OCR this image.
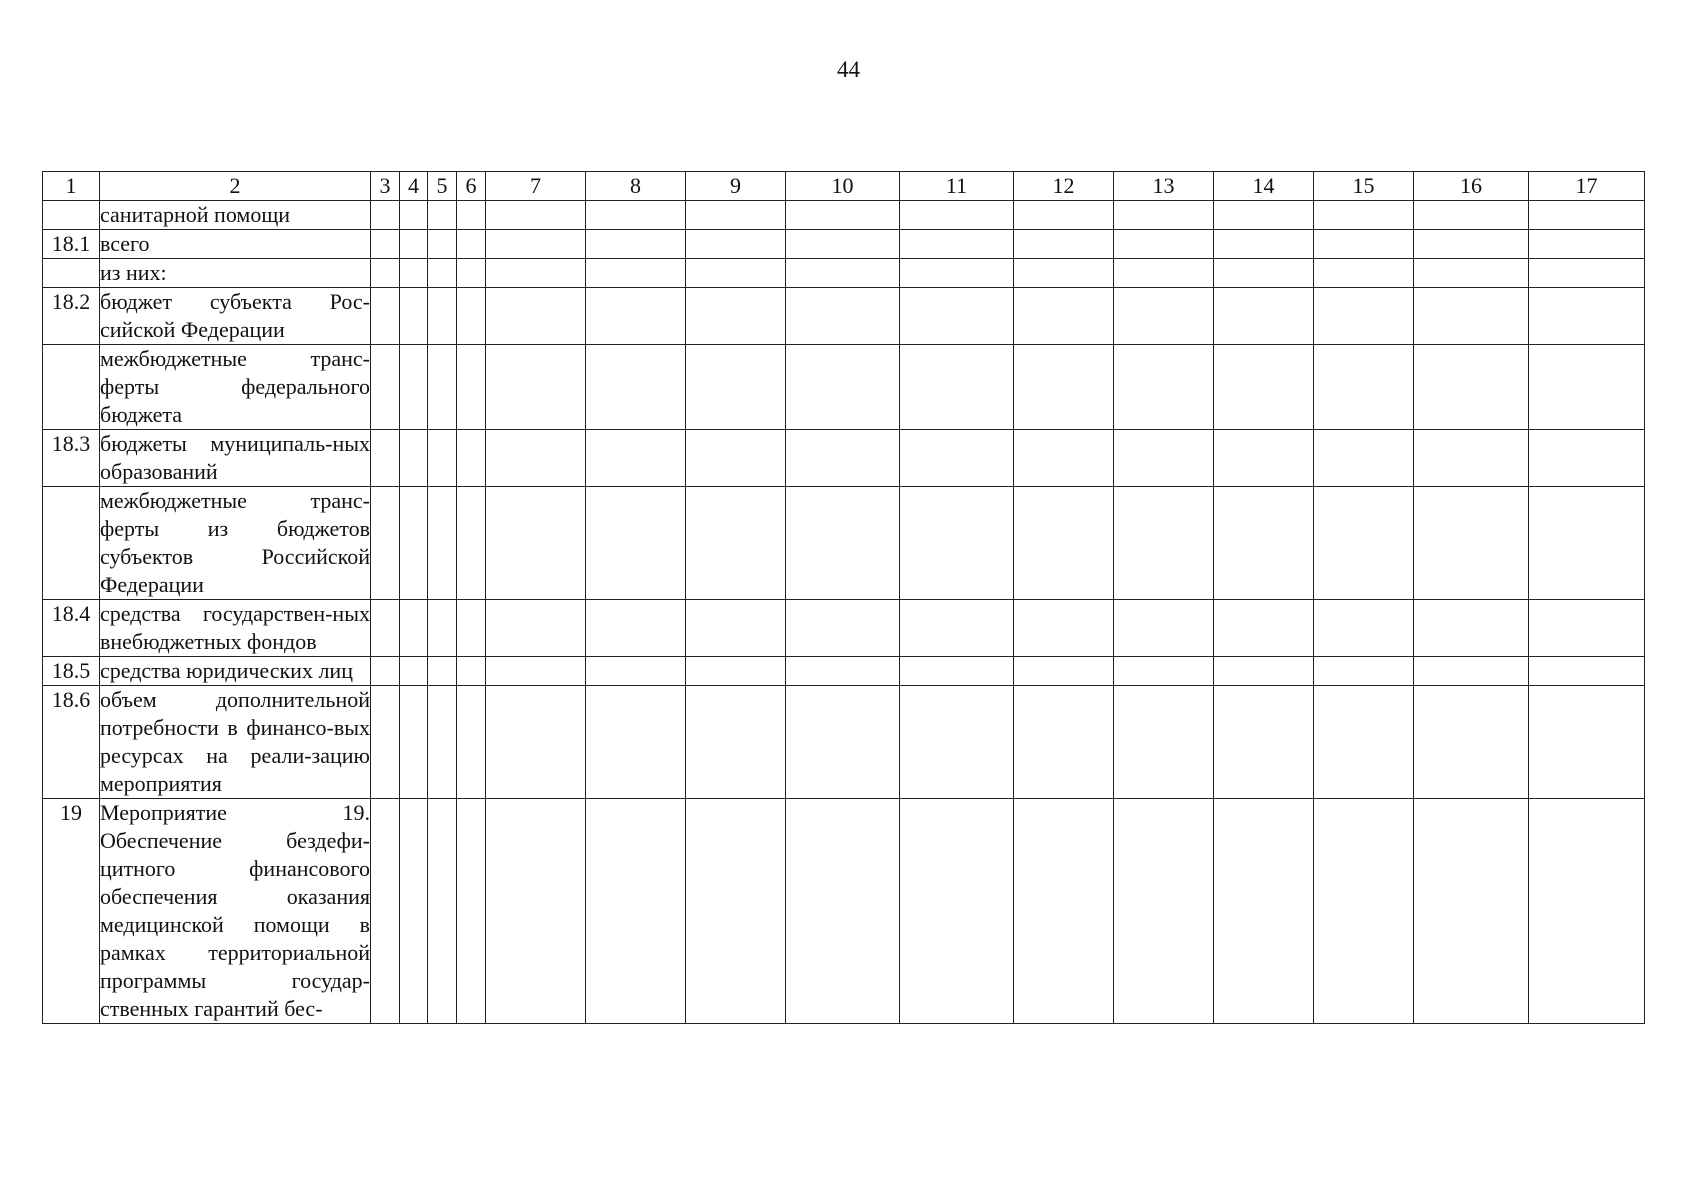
44
1	2	3	4	5	6	7	8	9	10	11	12	13	14	15	16	17
	санитарной помощи															
18.1	всего															
	из них:															
18.2	бюджет субъекта Рос-сийской Федерации															
	межбюджетные транс-ферты федерального бюджета															
18.3	бюджеты муниципаль-ных образований															
	межбюджетные транс-ферты из бюджетов субъектов Российской Федерации															
18.4	средства государствен-ных внебюджетных фондов															
18.5	средства юридических лиц															
18.6	объем дополнительной потребности в финансо-вых ресурсах на реали-зацию мероприятия															
19	Мероприятие 19. Обеспечение бездефи-цитного финансового обеспечения оказания медицинской помощи в рамках территориальной программы государ-ственных гарантий бес-															
